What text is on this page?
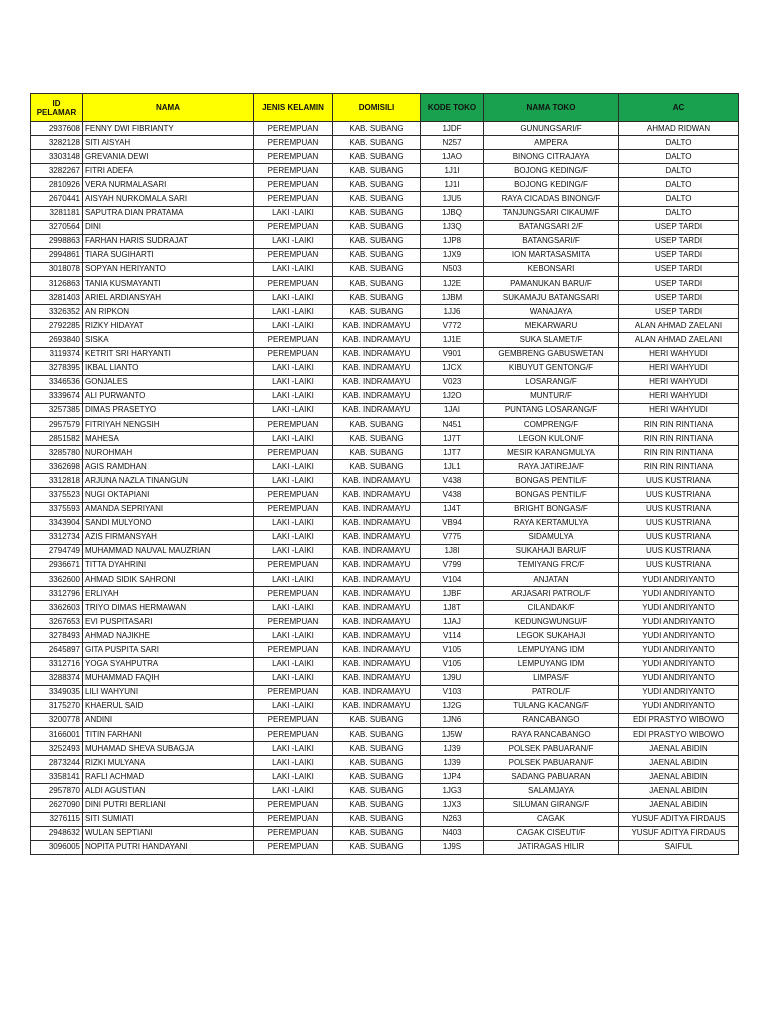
ID PELAMAR	NAMA	JENIS KELAMIN	DOMISILI	KODE TOKO	NAMA TOKO	AC
2937608	FENNY DWI FIBRIANTY	PEREMPUAN	KAB. SUBANG	1JDF	GUNUNGSARI/F	AHMAD RIDWAN
3282128	SITI AISYAH	PEREMPUAN	KAB. SUBANG	N257	AMPERA	DALTO
3303148	GREVANIA DEWI	PEREMPUAN	KAB. SUBANG	1JAO	BINONG CITRAJAYA	DALTO
3282267	FITRI ADEFA	PEREMPUAN	KAB. SUBANG	1J1I	BOJONG KEDING/F	DALTO
2810926	VERA NURMALASARI	PEREMPUAN	KAB. SUBANG	1J1I	BOJONG KEDING/F	DALTO
2670441	AISYAH NURKOMALA SARI	PEREMPUAN	KAB. SUBANG	1JU5	RAYA CICADAS BINONG/F	DALTO
3281181	SAPUTRA DIAN PRATAMA	LAKI -LAIKI	KAB. SUBANG	1JBQ	TANJUNGSARI CIKAUM/F	DALTO
3270564	DINI	PEREMPUAN	KAB. SUBANG	1J3Q	BATANGSARI 2/F	USEP TARDI
2998863	FARHAN HARIS SUDRAJAT	LAKI -LAIKI	KAB. SUBANG	1JP8	BATANGSARI/F	USEP TARDI
2994861	TIARA SUGIHARTI	PEREMPUAN	KAB. SUBANG	1JX9	ION MARTASASMITA	USEP TARDI
3018078	SOPYAN HERIYANTO	LAKI -LAIKI	KAB. SUBANG	N503	KEBONSARI	USEP TARDI
3126863	TANIA KUSMAYANTI	PEREMPUAN	KAB. SUBANG	1J2E	PAMANUKAN BARU/F	USEP TARDI
3281403	ARIEL ARDIANSYAH	LAKI -LAIKI	KAB. SUBANG	1JBM	SUKAMAJU BATANGSARI	USEP TARDI
3326352	AN RIPKON	LAKI -LAIKI	KAB. SUBANG	1JJ6	WANAJAYA	USEP TARDI
2792285	RIZKY HIDAYAT	LAKI -LAIKI	KAB. INDRAMAYU	V772	MEKARWARU	ALAN AHMAD ZAELANI
2693840	SISKA	PEREMPUAN	KAB. INDRAMAYU	1J1E	SUKA SLAMET/F	ALAN AHMAD ZAELANI
3119374	KETRIT SRI HARYANTI	PEREMPUAN	KAB. INDRAMAYU	V901	GEMBRENG GABUSWETAN	HERI WAHYUDI
3278395	IKBAL LIANTO	LAKI -LAIKI	KAB. INDRAMAYU	1JCX	KIBUYUT GENTONG/F	HERI WAHYUDI
3346536	GONJALES	LAKI -LAIKI	KAB. INDRAMAYU	V023	LOSARANG/F	HERI WAHYUDI
3339674	ALI PURWANTO	LAKI -LAIKI	KAB. INDRAMAYU	1J2O	MUNTUR/F	HERI WAHYUDI
3257385	DIMAS PRASETYO	LAKI -LAIKI	KAB. INDRAMAYU	1JAI	PUNTANG LOSARANG/F	HERI WAHYUDI
2957579	FITRIYAH NENGSIH	PEREMPUAN	KAB. SUBANG	N451	COMPRENG/F	RIN RIN RINTIANA
2851582	MAHESA	LAKI -LAIKI	KAB. SUBANG	1J7T	LEGON KULON/F	RIN RIN RINTIANA
3285780	NUROHMAH	PEREMPUAN	KAB. SUBANG	1JT7	MESIR KARANGMULYA	RIN RIN RINTIANA
3362698	AGIS RAMDHAN	LAKI -LAIKI	KAB. SUBANG	1JL1	RAYA JATIREJA/F	RIN RIN RINTIANA
3312818	ARJUNA NAZLA TINANGUN	LAKI -LAIKI	KAB. INDRAMAYU	V438	BONGAS PENTIL/F	UUS KUSTRIANA
3375523	NUGI OKTAPIANI	PEREMPUAN	KAB. INDRAMAYU	V438	BONGAS PENTIL/F	UUS KUSTRIANA
3375593	AMANDA SEPRIYANI	PEREMPUAN	KAB. INDRAMAYU	1J4T	BRIGHT BONGAS/F	UUS KUSTRIANA
3343904	SANDI MULYONO	LAKI -LAIKI	KAB. INDRAMAYU	VB94	RAYA KERTAMULYA	UUS KUSTRIANA
3312734	AZIS FIRMANSYAH	LAKI -LAIKI	KAB. INDRAMAYU	V775	SIDAMULYA	UUS KUSTRIANA
2794749	MUHAMMAD NAUVAL MAUZRIAN	LAKI -LAIKI	KAB. INDRAMAYU	1J8I	SUKAHAJI BARU/F	UUS KUSTRIANA
2936671	TITTA DYAHRINI	PEREMPUAN	KAB. INDRAMAYU	V799	TEMIYANG FRC/F	UUS KUSTRIANA
3362600	AHMAD SIDIK SAHRONI	LAKI -LAIKI	KAB. INDRAMAYU	V104	ANJATAN	YUDI ANDRIYANTO
3312796	ERLIYAH	PEREMPUAN	KAB. INDRAMAYU	1JBF	ARJASARI PATROL/F	YUDI ANDRIYANTO
3362603	TRIYO DIMAS HERMAWAN	LAKI -LAIKI	KAB. INDRAMAYU	1J8T	CILANDAK/F	YUDI ANDRIYANTO
3267653	EVI PUSPITASARI	PEREMPUAN	KAB. INDRAMAYU	1JAJ	KEDUNGWUNGU/F	YUDI ANDRIYANTO
3278493	AHMAD NAJIKHE	LAKI -LAIKI	KAB. INDRAMAYU	V114	LEGOK SUKAHAJI	YUDI ANDRIYANTO
2645897	GITA PUSPITA SARI	PEREMPUAN	KAB. INDRAMAYU	V105	LEMPUYANG IDM	YUDI ANDRIYANTO
3312716	YOGA SYAHPUTRA	LAKI -LAIKI	KAB. INDRAMAYU	V105	LEMPUYANG IDM	YUDI ANDRIYANTO
3288374	MUHAMMAD FAQIH	LAKI -LAIKI	KAB. INDRAMAYU	1J9U	LIMPAS/F	YUDI ANDRIYANTO
3349035	LILI WAHYUNI	PEREMPUAN	KAB. INDRAMAYU	V103	PATROL/F	YUDI ANDRIYANTO
3175270	KHAERUL SAID	LAKI -LAIKI	KAB. INDRAMAYU	1J2G	TULANG KACANG/F	YUDI ANDRIYANTO
3200778	ANDINI	PEREMPUAN	KAB. SUBANG	1JN6	RANCABANGO	EDI PRASTYO WIBOWO
3166001	TITIN FARHANI	PEREMPUAN	KAB. SUBANG	1J5W	RAYA RANCABANGO	EDI PRASTYO WIBOWO
3252493	MUHAMAD SHEVA SUBAGJA	LAKI -LAIKI	KAB. SUBANG	1J39	POLSEK PABUARAN/F	JAENAL ABIDIN
2873244	RIZKI MULYANA	LAKI -LAIKI	KAB. SUBANG	1J39	POLSEK PABUARAN/F	JAENAL ABIDIN
3358141	RAFLI ACHMAD	LAKI -LAIKI	KAB. SUBANG	1JP4	SADANG PABUARAN	JAENAL ABIDIN
2957870	ALDI AGUSTIAN	LAKI -LAIKI	KAB. SUBANG	1JG3	SALAMJAYA	JAENAL ABIDIN
2627090	DINI PUTRI BERLIANI	PEREMPUAN	KAB. SUBANG	1JX3	SILUMAN GIRANG/F	JAENAL ABIDIN
3276115	SITI SUMIATI	PEREMPUAN	KAB. SUBANG	N263	CAGAK	YUSUF ADITYA FIRDAUS
2948632	WULAN SEPTIANI	PEREMPUAN	KAB. SUBANG	N403	CAGAK CISEUTI/F	YUSUF ADITYA FIRDAUS
3096005	NOPITA PUTRI HANDAYANI	PEREMPUAN	KAB. SUBANG	1J9S	JATIRAGAS HILIR	SAIFUL
